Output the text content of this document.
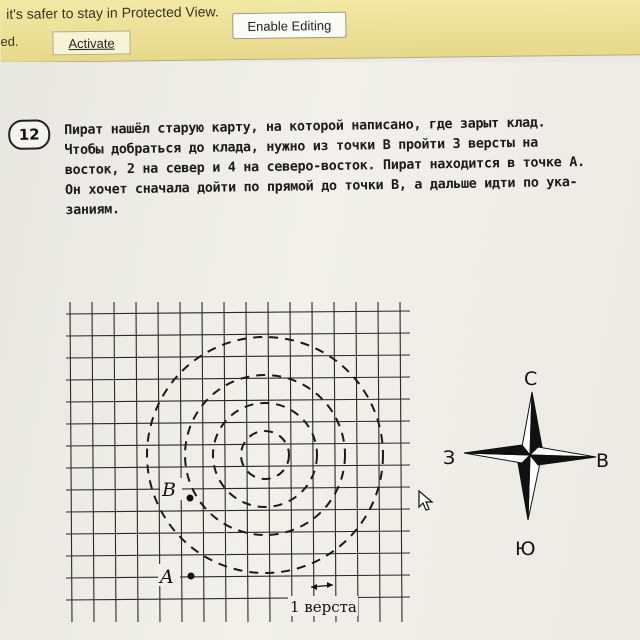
it's safer to stay in Protected View.
Enable Editing
ed.	Activate
12	Пират нашёл старую карту, на которой написано, где зарыт клад.
Чтобы добраться до клада, нужно из точки B пройти 3 версты на
восток, 2 на север и 4 на северо-восток. Пират находится в точке A.
Он хочет сначала дойти по прямой до точки B, а дальше идти по ука-
заниям.
B
A
1 верста
С
Ю
В
З
